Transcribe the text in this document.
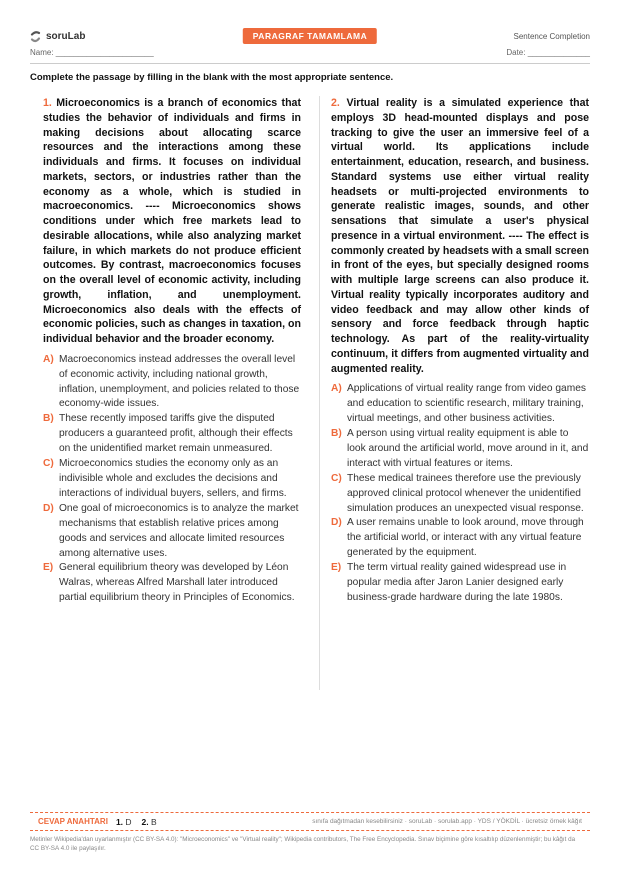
soruLab	PARAGRAF TAMAMLAMA	Sentence Completion
Name: ______________________	Date: ______________
Complete the passage by filling in the blank with the most appropriate sentence.

1. Microeconomics is a branch of economics that studies the behavior of individuals and firms in making decisions about allocating scarce resources and the interactions among these individuals and firms. It focuses on individual markets, sectors, or industries rather than the economy as a whole, which is studied in macroeconomics. ---- Microeconomics shows conditions under which free markets lead to desirable allocations, while also analyzing market failure, in which markets do not produce efficient outcomes. By contrast, macroeconomics focuses on the overall level of economic activity, including growth, inflation, and unemployment. Microeconomics also deals with the effects of economic policies, such as changes in taxation, on individual behavior and the broader economy.

A) Macroeconomics instead addresses the overall level of economic activity, including national growth, inflation, unemployment, and policies related to those economy-wide issues.
B) These recently imposed tariffs give the disputed producers a guaranteed profit, although their effects on the unidentified market remain unmeasured.
C) Microeconomics studies the economy only as an indivisible whole and excludes the decisions and interactions of individual buyers, sellers, and firms.
D) One goal of microeconomics is to analyze the market mechanisms that establish relative prices among goods and services and allocate limited resources among alternative uses.
E) General equilibrium theory was developed by Léon Walras, whereas Alfred Marshall later introduced partial equilibrium theory in Principles of Economics.

2. Virtual reality is a simulated experience that employs 3D head-mounted displays and pose tracking to give the user an immersive feel of a virtual world. Its applications include entertainment, education, research, and business. Standard systems use either virtual reality headsets or multi-projected environments to generate realistic images, sounds, and other sensations that simulate a user's physical presence in a virtual environment. ---- The effect is commonly created by headsets with a small screen in front of the eyes, but specially designed rooms with multiple large screens can also produce it. Virtual reality typically incorporates auditory and video feedback and may allow other kinds of sensory and force feedback through haptic technology. As part of the reality-virtuality continuum, it differs from augmented virtuality and augmented reality.

A) Applications of virtual reality range from video games and education to scientific research, military training, virtual meetings, and other business activities.
B) A person using virtual reality equipment is able to look around the artificial world, move around in it, and interact with virtual features or items.
C) These medical trainees therefore use the previously approved clinical protocol whenever the unidentified simulation produces an unexpected visual response.
D) A user remains unable to look around, move through the artificial world, or interact with any virtual feature generated by the equipment.
E) The term virtual reality gained widespread use in popular media after Jaron Lanier designed early business-grade hardware during the late 1980s.
CEVAP ANAHTARI 1. D 2. B	sınıfa dağıtmadan kesebilirsiniz · soruLab · sorulab.app · YDS / YÖKDİL · ücretsiz örnek kâğıt
Metinler Wikipedia'dan uyarlanmıştır (CC BY-SA 4.0): "Microeconomics" ve "Virtual reality"; Wikipedia contributors, The Free Encyclopedia. Sınav biçimine göre kısaltılıp düzenlenmiştir; bu kâğıt da CC BY-SA 4.0 ile paylaşılır.
